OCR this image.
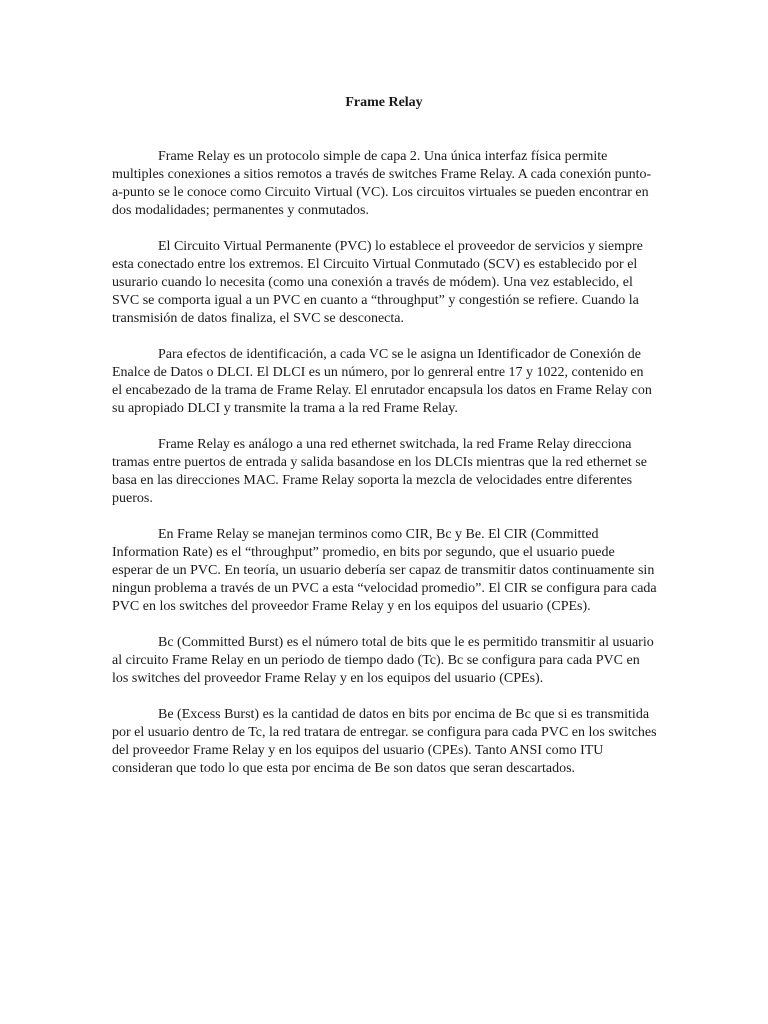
Frame Relay

Frame Relay es un protocolo simple de capa 2. Una única interfaz física permite multiples conexiones a sitios remotos a través de switches Frame Relay. A cada conexión punto-a-punto se le conoce como Circuito Virtual (VC). Los circuitos virtuales se pueden encontrar en dos modalidades; permanentes y conmutados.

El Circuito Virtual Permanente (PVC) lo establece el proveedor de servicios y siempre esta conectado entre los extremos. El Circuito Virtual Conmutado (SCV) es establecido por el usurario cuando lo necesita (como una conexión a través de módem). Una vez establecido, el SVC se comporta igual a un PVC en cuanto a “throughput” y congestión se refiere. Cuando la transmisión de datos finaliza, el SVC se desconecta.

Para efectos de identificación, a cada VC se le asigna un Identificador de Conexión de Enalce de Datos o DLCI. El DLCI es un número, por lo genreral entre 17 y 1022, contenido en el encabezado de la trama de Frame Relay. El enrutador encapsula los datos en Frame Relay con su apropiado DLCI y transmite la trama a la red Frame Relay.

Frame Relay es análogo a una red ethernet switchada, la red Frame Relay direcciona tramas entre puertos de entrada y salida basandose en los DLCIs mientras que la red ethernet se basa en las direcciones MAC. Frame Relay soporta la mezcla de velocidades entre diferentes pueros.

En Frame Relay se manejan terminos como CIR, Bc y Be. El CIR (Committed Information Rate) es el “throughput” promedio, en bits por segundo, que el usuario puede esperar de un PVC. En teoría, un usuario debería ser capaz de transmitir datos continuamente sin ningun problema a través de un PVC a esta “velocidad promedio”. El CIR se configura para cada PVC en los switches del proveedor Frame Relay y en los equipos del usuario (CPEs).

Bc (Committed Burst) es el número total de bits que le es permitido transmitir al usuario al circuito Frame Relay en un periodo de tiempo dado (Tc). Bc se configura para cada PVC en los switches del proveedor Frame Relay y en los equipos del usuario (CPEs).

Be (Excess Burst) es la cantidad de datos en bits por encima de Bc que si es transmitida por el usuario dentro de Tc, la red tratara de entregar. se configura para cada PVC en los switches del proveedor Frame Relay y en los equipos del usuario (CPEs). Tanto ANSI como ITU consideran que todo lo que esta por encima de Be son datos que seran descartados.
